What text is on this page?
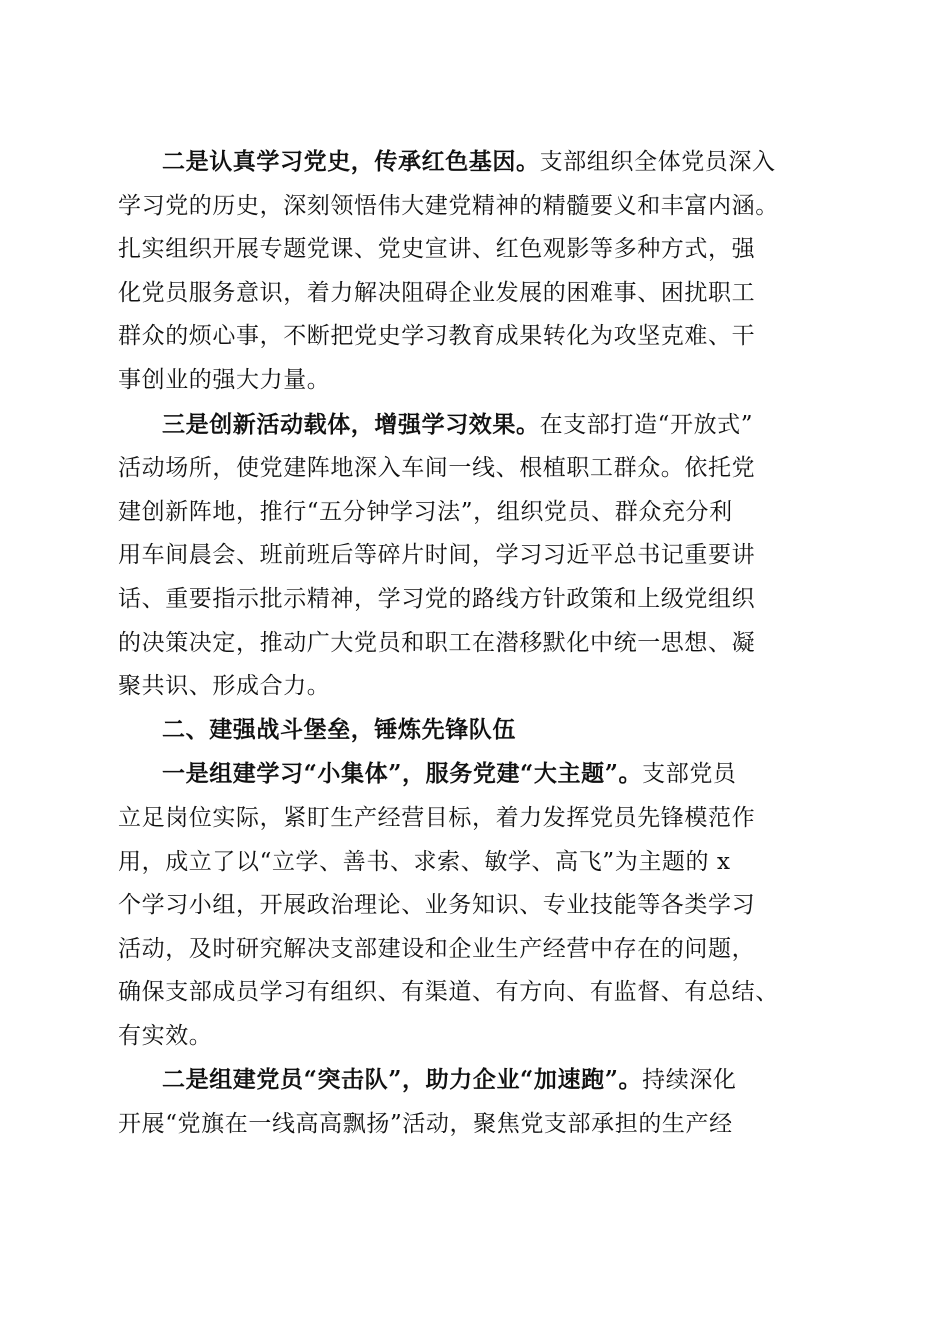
二是认真学习党史，传承红色基因。支部组织全体党员深入
学习党的历史，深刻领悟伟大建党精神的精髓要义和丰富内涵。
扎实组织开展专题党课、党史宣讲、红色观影等多种方式，强
化党员服务意识，着力解决阻碍企业发展的困难事、困扰职工
群众的烦心事，不断把党史学习教育成果转化为攻坚克难、干
事创业的强大力量。

三是创新活动载体，增强学习效果。在支部打造“开放式”
活动场所，使党建阵地深入车间一线、根植职工群众。依托党
建创新阵地，推行“五分钟学习法”，组织党员、群众充分利
用车间晨会、班前班后等碎片时间，学习习近平总书记重要讲
话、重要指示批示精神，学习党的路线方针政策和上级党组织
的决策决定，推动广大党员和职工在潜移默化中统一思想、凝
聚共识、形成合力。

二、建强战斗堡垒，锤炼先锋队伍

一是组建学习“小集体”，服务党建“大主题”。支部党员
立足岗位实际，紧盯生产经营目标，着力发挥党员先锋模范作
用，成立了以“立学、善书、求索、敏学、高飞”为主题的 x
个学习小组，开展政治理论、业务知识、专业技能等各类学习
活动，及时研究解决支部建设和企业生产经营中存在的问题，
确保支部成员学习有组织、有渠道、有方向、有监督、有总结、
有实效。

二是组建党员“突击队”，助力企业“加速跑”。持续深化
开展“党旗在一线高高飘扬”活动，聚焦党支部承担的生产经
